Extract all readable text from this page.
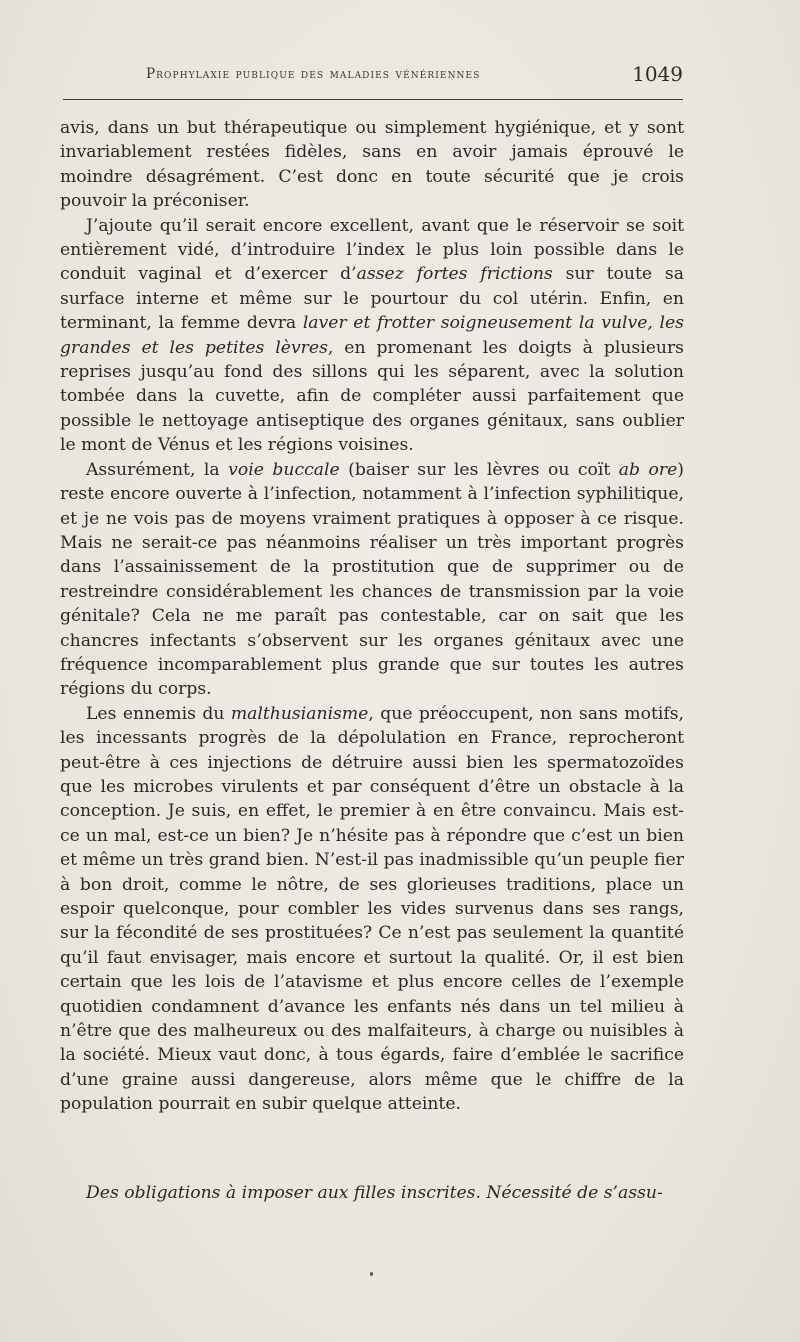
Prophylaxie publique des maladies vénériennes	1049

avis, dans un but thérapeutique ou simplement hygiénique, et y sont invariablement restées fidèles, sans en avoir jamais éprouvé le moindre désagrément. C’est donc en toute sécurité que je crois pouvoir la préconiser.

J’ajoute qu’il serait encore excellent, avant que le réservoir se soit entièrement vidé, d’introduire l’index le plus loin possible dans le conduit vaginal et d’exercer d’assez fortes frictions sur toute sa surface interne et même sur le pourtour du col utérin. Enfin, en terminant, la femme devra laver et frotter soigneusement la vulve, les grandes et les petites lèvres, en promenant les doigts à plusieurs reprises jusqu’au fond des sillons qui les séparent, avec la solution tombée dans la cuvette, afin de compléter aussi parfaitement que possible le nettoyage antiseptique des organes génitaux, sans oublier le mont de Vénus et les régions voisines.

Assurément, la voie buccale (baiser sur les lèvres ou coït ab ore) reste encore ouverte à l’infection, notamment à l’infection syphilitique, et je ne vois pas de moyens vraiment pratiques à opposer à ce risque. Mais ne serait-ce pas néanmoins réaliser un très important progrès dans l’assainissement de la prostitution que de supprimer ou de restreindre considérablement les chances de transmission par la voie génitale? Cela ne me paraît pas contestable, car on sait que les chancres infectants s’observent sur les organes génitaux avec une fréquence incomparablement plus grande que sur toutes les autres régions du corps.

Les ennemis du malthusianisme, que préoccupent, non sans motifs, les incessants progrès de la dépolulation en France, reprocheront peut-être à ces injections de détruire aussi bien les spermatozoïdes que les microbes virulents et par conséquent d’être un obstacle à la conception. Je suis, en effet, le premier à en être convaincu. Mais est-ce un mal, est-ce un bien? Je n’hésite pas à répondre que c’est un bien et même un très grand bien. N’est-il pas inadmissible qu’un peuple fier à bon droit, comme le nôtre, de ses glorieuses traditions, place un espoir quelconque, pour combler les vides survenus dans ses rangs, sur la fécondité de ses prostituées? Ce n’est pas seulement la quantité qu’il faut envisager, mais encore et surtout la qualité. Or, il est bien certain que les lois de l’atavisme et plus encore celles de l’exemple quotidien condamnent d’avance les enfants nés dans un tel milieu à n’être que des malheureux ou des malfaiteurs, à charge ou nuisibles à la société. Mieux vaut donc, à tous égards, faire d’emblée le sacrifice d’une graine aussi dangereuse, alors même que le chiffre de la population pourrait en subir quelque atteinte.

Des obligations à imposer aux filles inscrites. Nécessité de s’assu-
